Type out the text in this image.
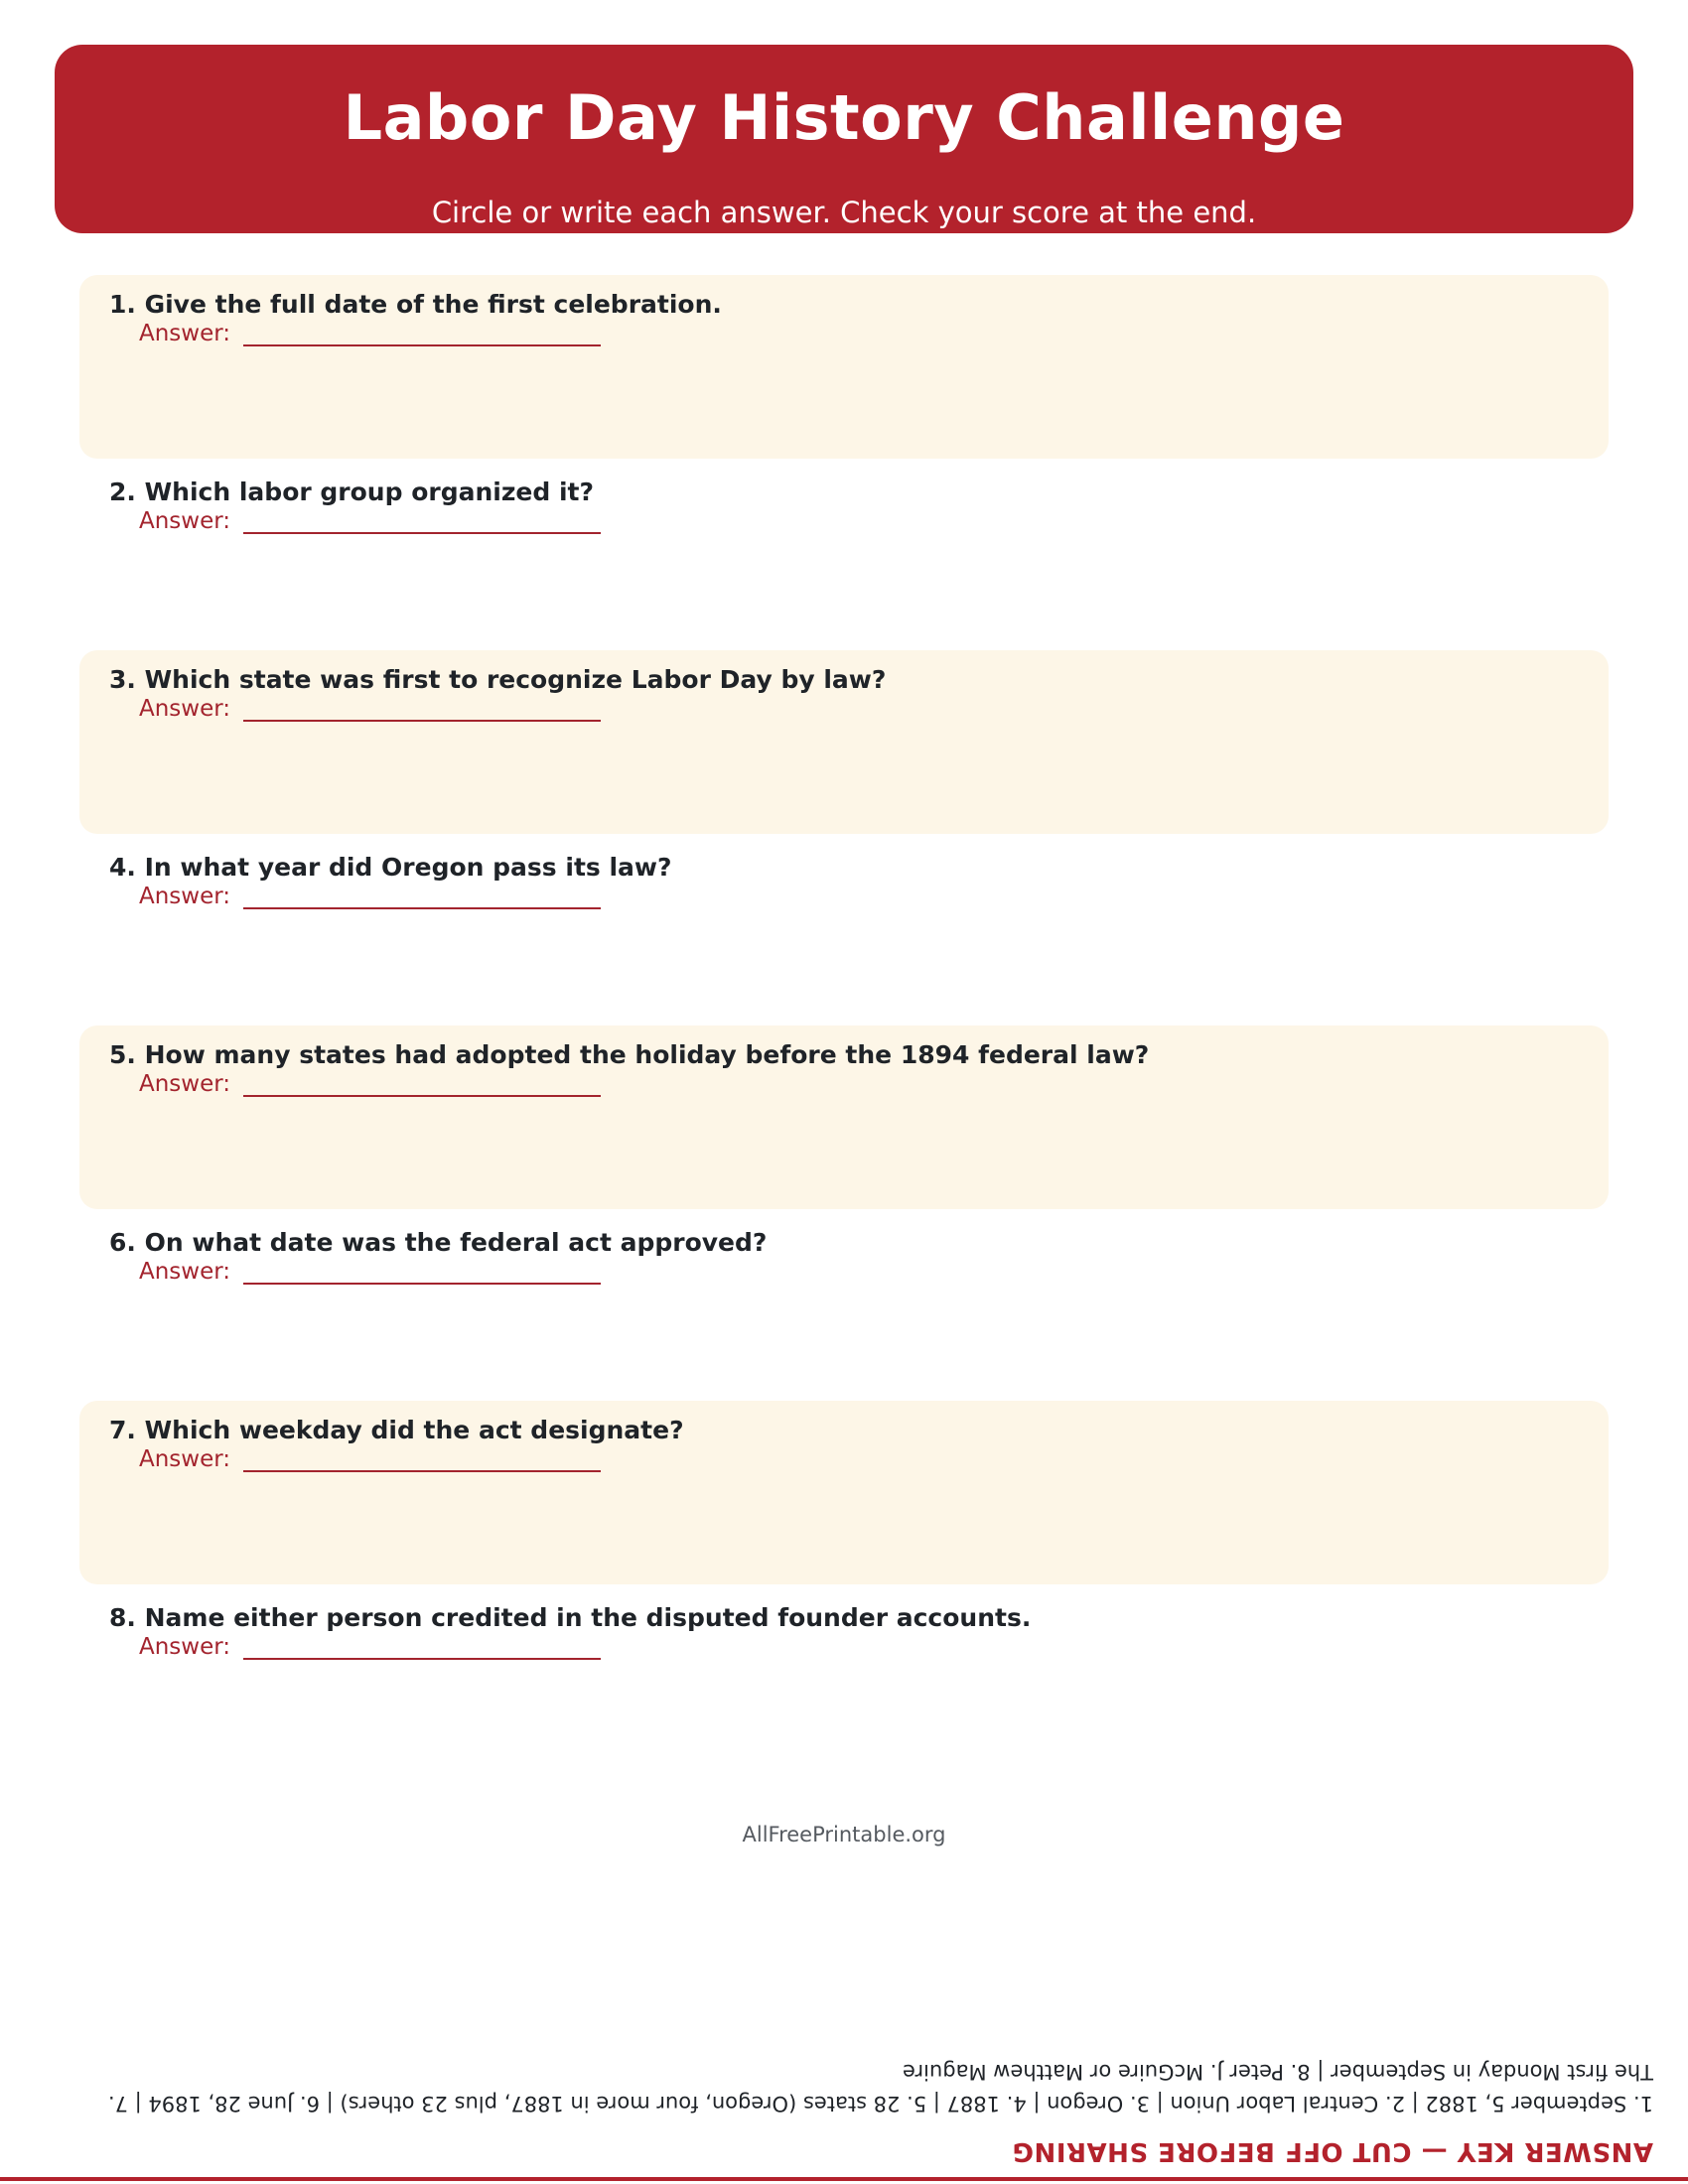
Labor Day History Challenge
Circle or write each answer. Check your score at the end.
1. Give the full date of the first celebration.
Answer:
2. Which labor group organized it?
Answer:
3. Which state was first to recognize Labor Day by law?
Answer:
4. In what year did Oregon pass its law?
Answer:
5. How many states had adopted the holiday before the 1894 federal law?
Answer:
6. On what date was the federal act approved?
Answer:
7. Which weekday did the act designate?
Answer:
8. Name either person credited in the disputed founder accounts.
Answer:
AllFreePrintable.org
ANSWER KEY — CUT OFF BEFORE SHARING
1. September 5, 1882 | 2. Central Labor Union | 3. Oregon | 4. 1887 | 5. 28 states (Oregon, four more in 1887, plus 23 others) | 6. June 28, 1894 | 7. The first Monday in September | 8. Peter J. McGuire or Matthew Maguire
